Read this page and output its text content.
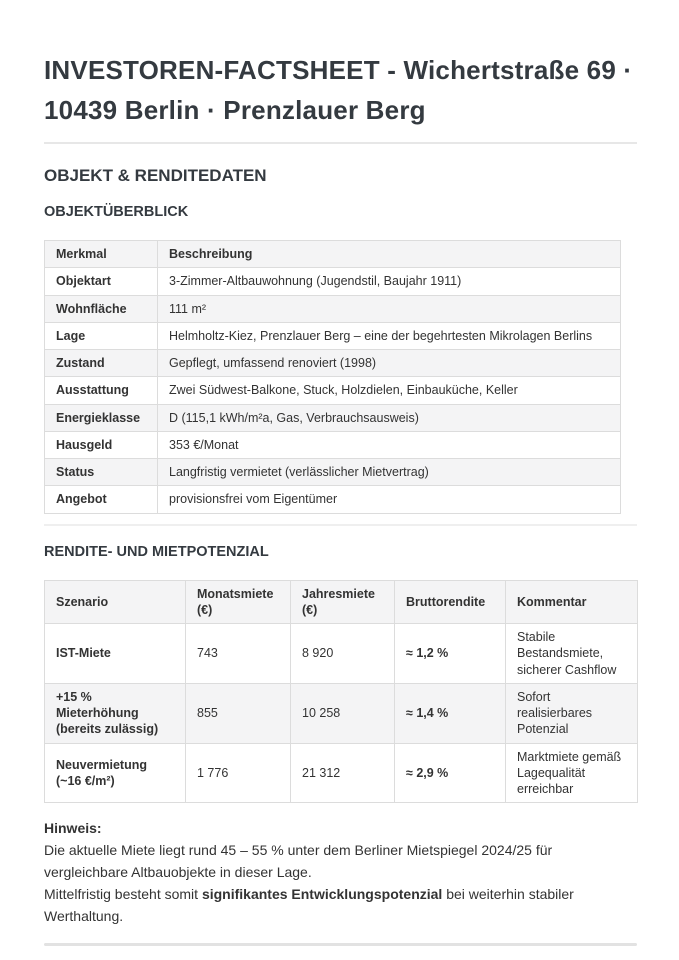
INVESTOREN-FACTSHEET - Wichertstraße 69 · 10439 Berlin · Prenzlauer Berg
OBJEKT & RENDITEDATEN
OBJEKTÜBERBLICK
Merkmal	Beschreibung
Objektart	3-Zimmer-Altbauwohnung (Jugendstil, Baujahr 1911)
Wohnfläche	111 m²
Lage	Helmholtz-Kiez, Prenzlauer Berg – eine der begehrtesten Mikrolagen Berlins
Zustand	Gepflegt, umfassend renoviert (1998)
Ausstattung	Zwei Südwest-Balkone, Stuck, Holzdielen, Einbauküche, Keller
Energieklasse	D (115,1 kWh/m²a, Gas, Verbrauchsausweis)
Hausgeld	353 €/Monat
Status	Langfristig vermietet (verlässlicher Mietvertrag)
Angebot	provisionsfrei vom Eigentümer
RENDITE- UND MIETPOTENZIAL
Szenario	Monatsmiete (€)	Jahresmiete (€)	Bruttorendite	Kommentar
IST-Miete	743	8 920	≈ 1,2 %	Stabile Bestandsmiete, sicherer Cashflow
+15 % Mieterhöhung (bereits zulässig)	855	10 258	≈ 1,4 %	Sofort realisierbares Potenzial
Neuvermietung (~16 €/m²)	1 776	21 312	≈ 2,9 %	Marktmiete gemäß Lagequalität erreichbar

Hinweis:
Die aktuelle Miete liegt rund 45 – 55 % unter dem Berliner Mietspiegel 2024/25 für vergleichbare Altbauobjekte in dieser Lage.
Mittelfristig besteht somit signifikantes Entwicklungspotenzial bei weiterhin stabiler Werthaltung.
